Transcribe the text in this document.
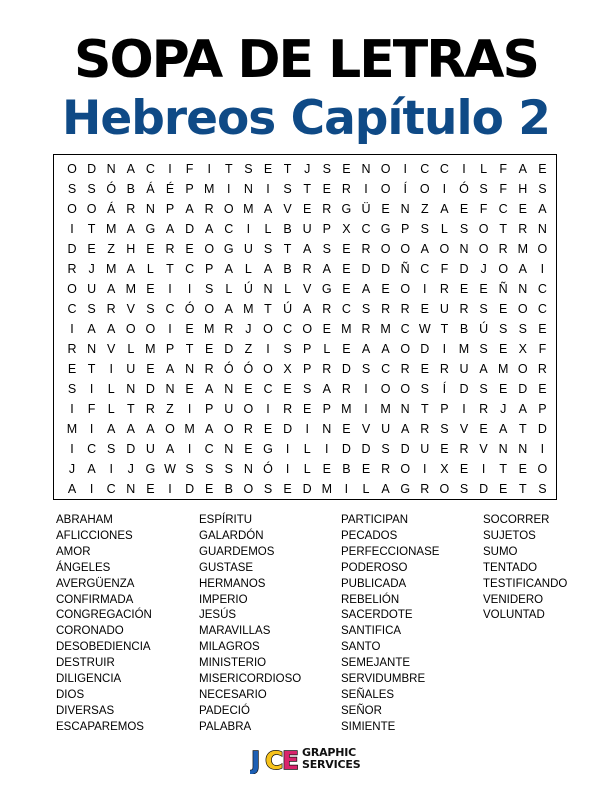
SOPA DE LETRAS
Hebreos Capítulo 2
O D N A C	I	F	I	T S E T	J S E N O	I	C C	I	L F A E
S S Ó B Á É P M	I	N	I	S T E R	I	O	Í	O	I	Ó S F H S
O O Á R N P A R O M A V E R G Ü E N Z A E F C E A
I	T M A G A D A C	I	L B U P X C G P S L S O T R N
D E Z H E R E O G U S T A S E R O O A O N O R M O
R J M A L T C P A L A B R A E D D Ñ C F D J O A	I
O U A M E	I	I	S L Ú N L V G E A E O	I	R E E Ñ N C
C S R V S C Ó O A M T Ú A R C S R R E U R S E O C
I	A A O O	I	E M R J O C O E M R M C W T B Ú S S E
R N V L M P T E D Z	I	S P L E A A O D	I	M S E X F
E T	I	U E A N R Ó Ó O X P R D S C R E R U A M O R
S	I	L N D N E A N E C E S A R	I	O O S	Í	D S E D E
I	F L T R Z	I	P U O	I	R E P M	I	M N T P	I	R J A P
M	I	A A A O M A O R E D	I	N E V U A R S V E A T D
I	C S D U A	I	C N E G	I	L	I	D D S D U E R V N N	I
J A	I	J G W S S S N Ó	I	L E B E R O	I	X E	I	T E O
A	I	C N E	I	D E B O S E D M	I	L A G R O S D E T S
ABRAHAM
AFLICCIONES
AMOR
ÁNGELES
AVERGÜENZA
CONFIRMADA
CONGREGACIÓN
CORONADO
DESOBEDIENCIA
DESTRUIR
DILIGENCIA
DIOS
DIVERSAS
ESCAPAREMOS
ESPÍRITU
GALARDÓN
GUARDEMOS
GUSTASE
HERMANOS
IMPERIO
JESÚS
MARAVILLAS
MILAGROS
MINISTERIO
MISERICORDIOSO
NECESARIO
PADECIÓ
PALABRA
PARTICIPAN
PECADOS
PERFECCIONASE
PODEROSO
PUBLICADA
REBELIÓN
SACERDOTE
SANTIFICA
SANTO
SEMEJANTE
SERVIDUMBRE
SEÑALES
SEÑOR
SIMIENTE
SOCORRER
SUJETOS
SUMO
TENTADO
TESTIFICANDO
VENIDERO
VOLUNTAD
J C
E GRAPHIC
SERVICES
